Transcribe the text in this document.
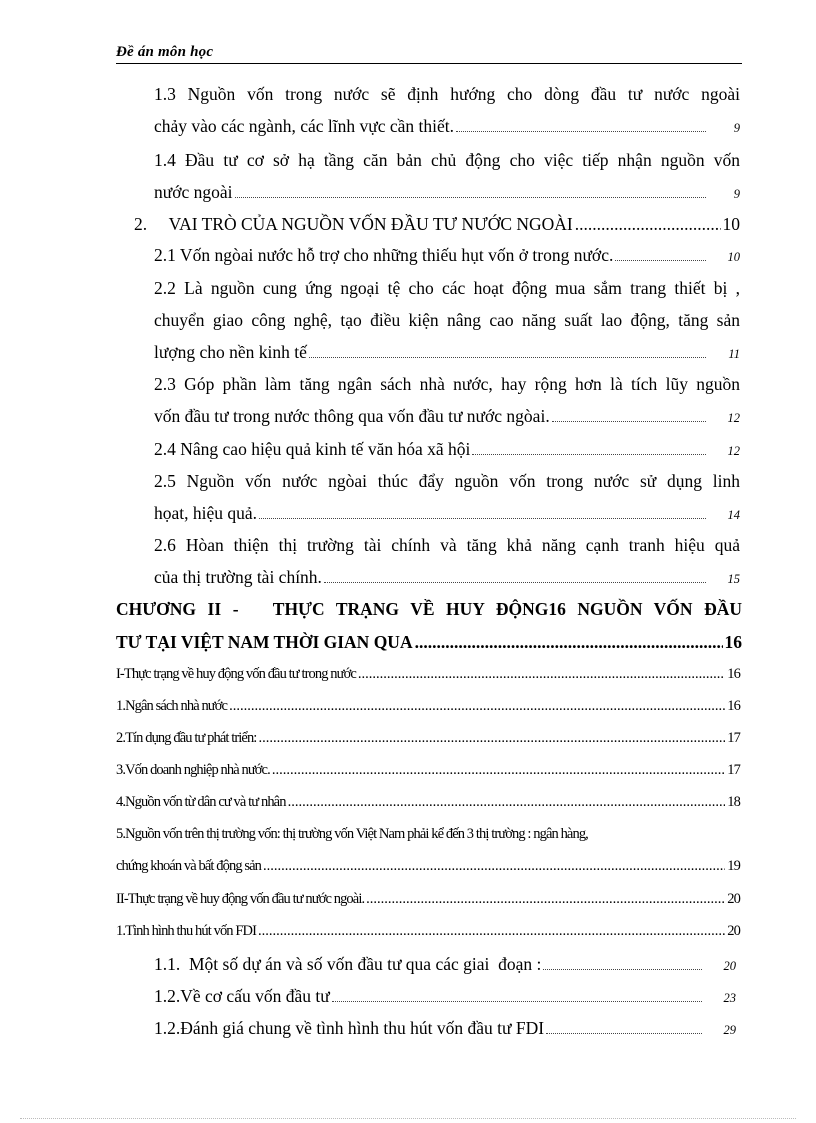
Đề án môn học
1.3 Nguồn vốn trong nước sẽ định hướng cho dòng đầu tư nước ngoài
chảy vào các ngành, các lĩnh vực cần thiết.	9
1.4 Đầu tư cơ sở hạ tầng căn bản chủ động cho việc tiếp nhận nguồn vốn
nước ngoài	9
2.     VAI TRÒ CỦA NGUỒN VỐN ĐẦU TƯ NƯỚC NGOÀI .....	10
2.1 Vốn ngòai nước hỗ trợ cho những thiếu hụt vốn ở trong nước.	10
2.2 Là nguồn cung ứng ngoại tệ cho các hoạt động mua sắm trang thiết bị ,
chuyển giao công nghệ, tạo điều kiện nâng cao năng suất lao động, tăng sản
lượng cho nền kinh tế	11
2.3 Góp phần làm tăng ngân sách nhà nước, hay rộng hơn là tích lũy nguồn
vốn đầu tư trong nước thông qua vốn đầu tư nước ngòai.	12
2.4 Nâng cao hiệu quả kinh tế văn hóa xã hội	12
2.5 Nguồn vốn nước ngòai thúc đẩy nguồn vốn trong nước sử dụng linh
họat, hiệu quả.	14
2.6 Hòan thiện thị trường tài chính và tăng khả năng cạnh tranh hiệu quả
của thị trường tài chính.	15
CHƯƠNG II -   THỰC TRẠNG VỀ HUY ĐỘNG16 NGUỒN VỐN ĐẦU
TƯ TẠI VIỆT NAM THỜI GIAN QUA .....	16
I-Thực trạng về huy động vốn đầu tư trong nước .....	16
1.Ngân sách nhà nước .....	16
2.Tín dụng đầu tư phát triển: .....	17
3.Vốn doanh nghiệp nhà nước. .....	17
4.Nguồn vốn từ dân cư và tư nhân .....	18
5.Nguồn vốn trên thị trường vốn: thị trường vốn Việt Nam phải kể đến 3 thị trường : ngân hàng,
chứng khoán và bất động sản .....	19
II-Thực trạng về huy động vốn đầu tư nước ngoài. .....	20
1.Tình hình thu hút vốn FDI .....	20
1.1.  Một số dự án và số vốn đầu tư qua các giai  đoạn :	20
1.2.Về cơ cấu vốn đầu tư	23
1.2.Đánh giá chung về tình hình thu hút vốn đầu tư FDI	29
